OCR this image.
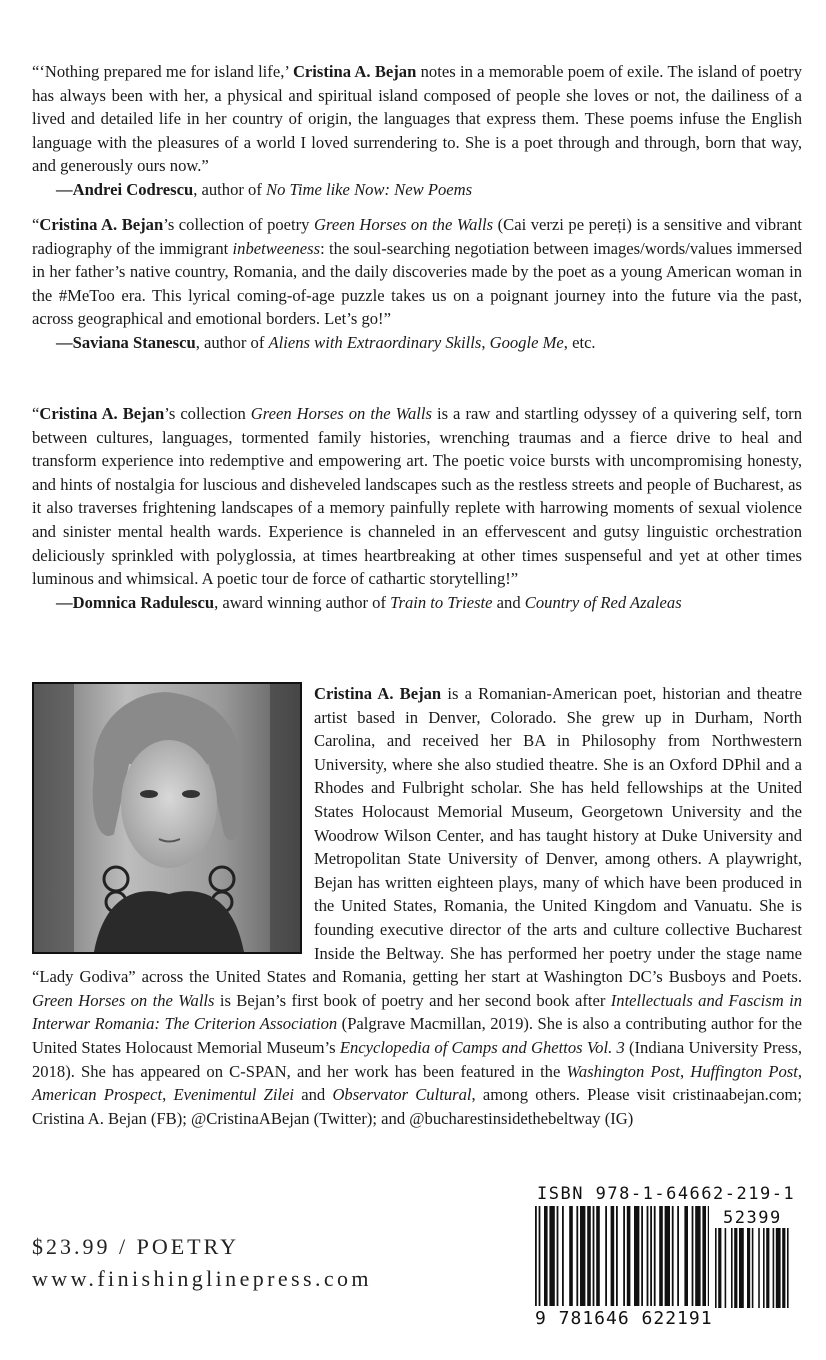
“‘Nothing prepared me for island life,’ Cristina A. Bejan notes in a memorable poem of exile. The island of poetry has always been with her, a physical and spiritual island composed of people she loves or not, the dailiness of a lived and detailed life in her country of origin, the languages that express them. These poems infuse the English language with the pleasures of a world I loved surrendering to. She is a poet through and through, born that way, and generously ours now.”

—Andrei Codrescu, author of No Time like Now: New Poems

“Cristina A. Bejan’s collection of poetry Green Horses on the Walls (Cai verzi pe pereți) is a sensitive and vibrant radiography of the immigrant inbetweeness: the soul-searching negotiation between images/words/values immersed in her father’s native country, Romania, and the daily discoveries made by the poet as a young American woman in the #MeToo era. This lyrical coming-of-age puzzle takes us on a poignant journey into the future via the past, across geographical and emotional borders. Let’s go!”

—Saviana Stanescu, author of Aliens with Extraordinary Skills, Google Me, etc.

“Cristina A. Bejan’s collection Green Horses on the Walls is a raw and startling odyssey of a quivering self, torn between cultures, languages, tormented family histories, wrenching traumas and a fierce drive to heal and transform experience into redemptive and empowering art. The poetic voice bursts with uncompromising honesty, and hints of nostalgia for luscious and disheveled landscapes such as the restless streets and people of Bucharest, as it also traverses frightening landscapes of a memory painfully replete with harrowing moments of sexual violence and sinister mental health wards. Experience is channeled in an effervescent and gutsy linguistic orchestration deliciously sprinkled with polyglossia, at times heartbreaking at other times suspenseful and yet at other times luminous and whimsical. A poetic tour de force of cathartic storytelling!”

—Domnica Radulescu, award winning author of Train to Trieste and Country of Red Azaleas

Cristina A. Bejan is a Romanian-American poet, historian and theatre artist based in Denver, Colorado. She grew up in Durham, North Carolina, and received her BA in Philosophy from Northwestern University, where she also studied theatre. She is an Oxford DPhil and a Rhodes and Fulbright scholar. She has held fellowships at the United States Holocaust Memorial Museum, Georgetown University and the Woodrow Wilson Center, and has taught history at Duke University and Metropolitan State University of Denver, among others. A playwright, Bejan has written eighteen plays, many of which have been produced in the United States, Romania, the United Kingdom and Vanuatu. She is founding executive director of the arts and culture collective Bucharest Inside the Beltway. She has performed her poetry under the stage name “Lady Godiva” across the United States and Romania, getting her start at Washington DC’s Busboys and Poets. Green Horses on the Walls is Bejan’s first book of poetry and her second book after Intellectuals and Fascism in Interwar Romania: The Criterion Association (Palgrave Macmillan, 2019). She is also a contributing author for the United States Holocaust Memorial Museum’s Encyclopedia of Camps and Ghettos Vol. 3 (Indiana University Press, 2018). She has appeared on C-SPAN, and her work has been featured in the Washington Post, Huffington Post, American Prospect, Evenimentul Zilei and Observator Cultural, among others. Please visit cristinaabejan.com; Cristina A. Bejan (FB); @CristinaABejan (Twitter); and @bucharestinsidethebeltway (IG)

$23.99 / POETRY
www.finishinglinepress.com
ISBN 978-1-64662-219-1
52399
9 781646 622191
